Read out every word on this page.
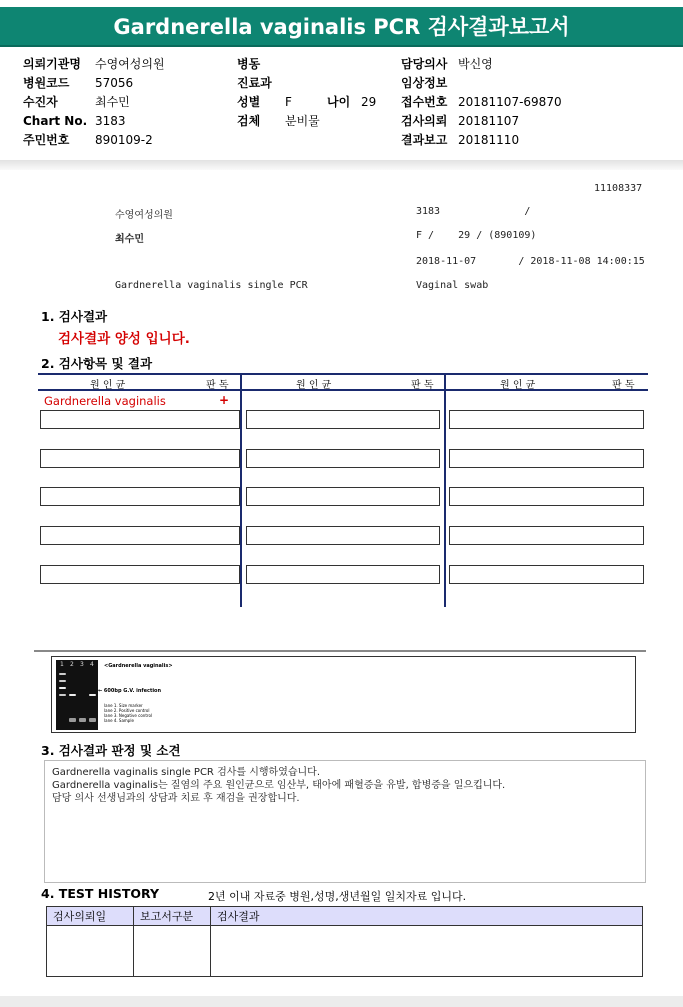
Gardnerella vaginalis PCR 검사결과보고서
의뢰기관명 수영여성의원
병원코드 57056
수진자	최수민
Chart No. 3183
주민번호 890109-2
병동
진료과
성별 F	나이 29
검체 분비물
담당의사 박신영
임상정보
접수번호 20181107-69870
검사의뢰 20181107
결과보고 20181110
11108337
수영여성의원	3183              /
최수민	F /    29 / (890109)
2018-11-07       / 2018-11-08 14:00:15
Gardnerella vaginalis single PCR	Vaginal swab
1. 검사결과
검사결과 양성 입니다.
2. 검사항목 및 결과
원 인 균	판 독	원 인 균	판 독	원 인 균	판 독
Gardnerella vaginalis	+
1 2 3 4 <Gardnerella vaginalis>
← 600bp G.V. infection
lane 1. Size marker
lane 2. Positive control
lane 3. Negative control
lane 4. Sample
3. 검사결과 판정 및 소견
Gardnerella vaginalis single PCR 검사를 시행하였습니다.
Gardnerella vaginalis는 질염의 주요 원인균으로 임산부, 태아에 패혈증을 유발, 합병증을 일으킵니다.
담당 의사 선생님과의 상담과 치료 후 재검을 권장합니다.
4. TEST HISTORY	2년 이내 자료중 병원,성명,생년월일 일치자료 입니다.
검사의뢰일	보고서구분	검사결과
